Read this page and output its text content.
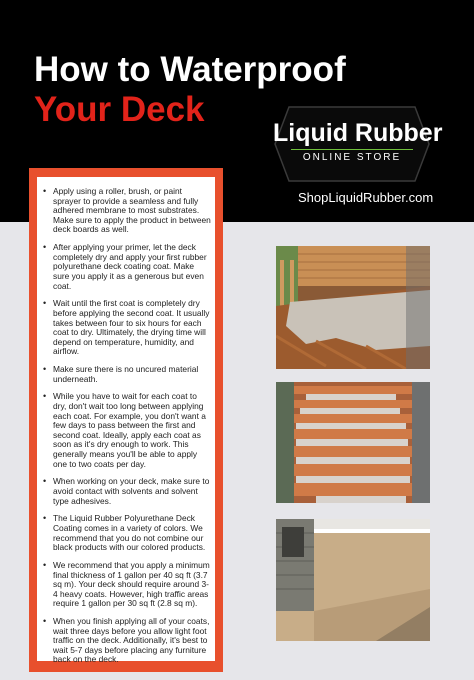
How to Waterproof
Your Deck
Liquid Rubber
ONLINE STORE
ShopLiquidRubber.com
• Apply using a roller, brush, or paint sprayer to provide a seamless and fully adhered membrane to most substrates. Make sure to apply the product in between deck boards as well.
• After applying your primer, let the deck completely dry and apply your first rubber polyurethane deck coating coat. Make sure you apply it as a generous but even coat.
• Wait until the first coat is completely dry before applying the second coat. It usually takes between four to six hours for each coat to dry. Ultimately, the drying time will depend on temperature, humidity, and airflow.
• Make sure there is no uncured material underneath.
• While you have to wait for each coat to dry, don't wait too long between applying each coat. For example, you don't want a few days to pass between the first and second coat. Ideally, apply each coat as soon as it's dry enough to work. This generally means you'll be able to apply one to two coats per day.
• When working on your deck, make sure to avoid contact with solvents and solvent type adhesives.
• The Liquid Rubber Polyurethane Deck Coating comes in a variety of colors. We recommend that you do not combine our black products with our colored products.
• We recommend that you apply a minimum final thickness of 1 gallon per 40 sq ft (3.7 sq m). Your deck should require around 3-4 heavy coats. However, high traffic areas require 1 gallon per 30 sq ft (2.8 sq m).
• When you finish applying all of your coats, wait three days before you allow light foot traffic on the deck. Additionally, it's best to wait 5-7 days before placing any furniture back on the deck.
